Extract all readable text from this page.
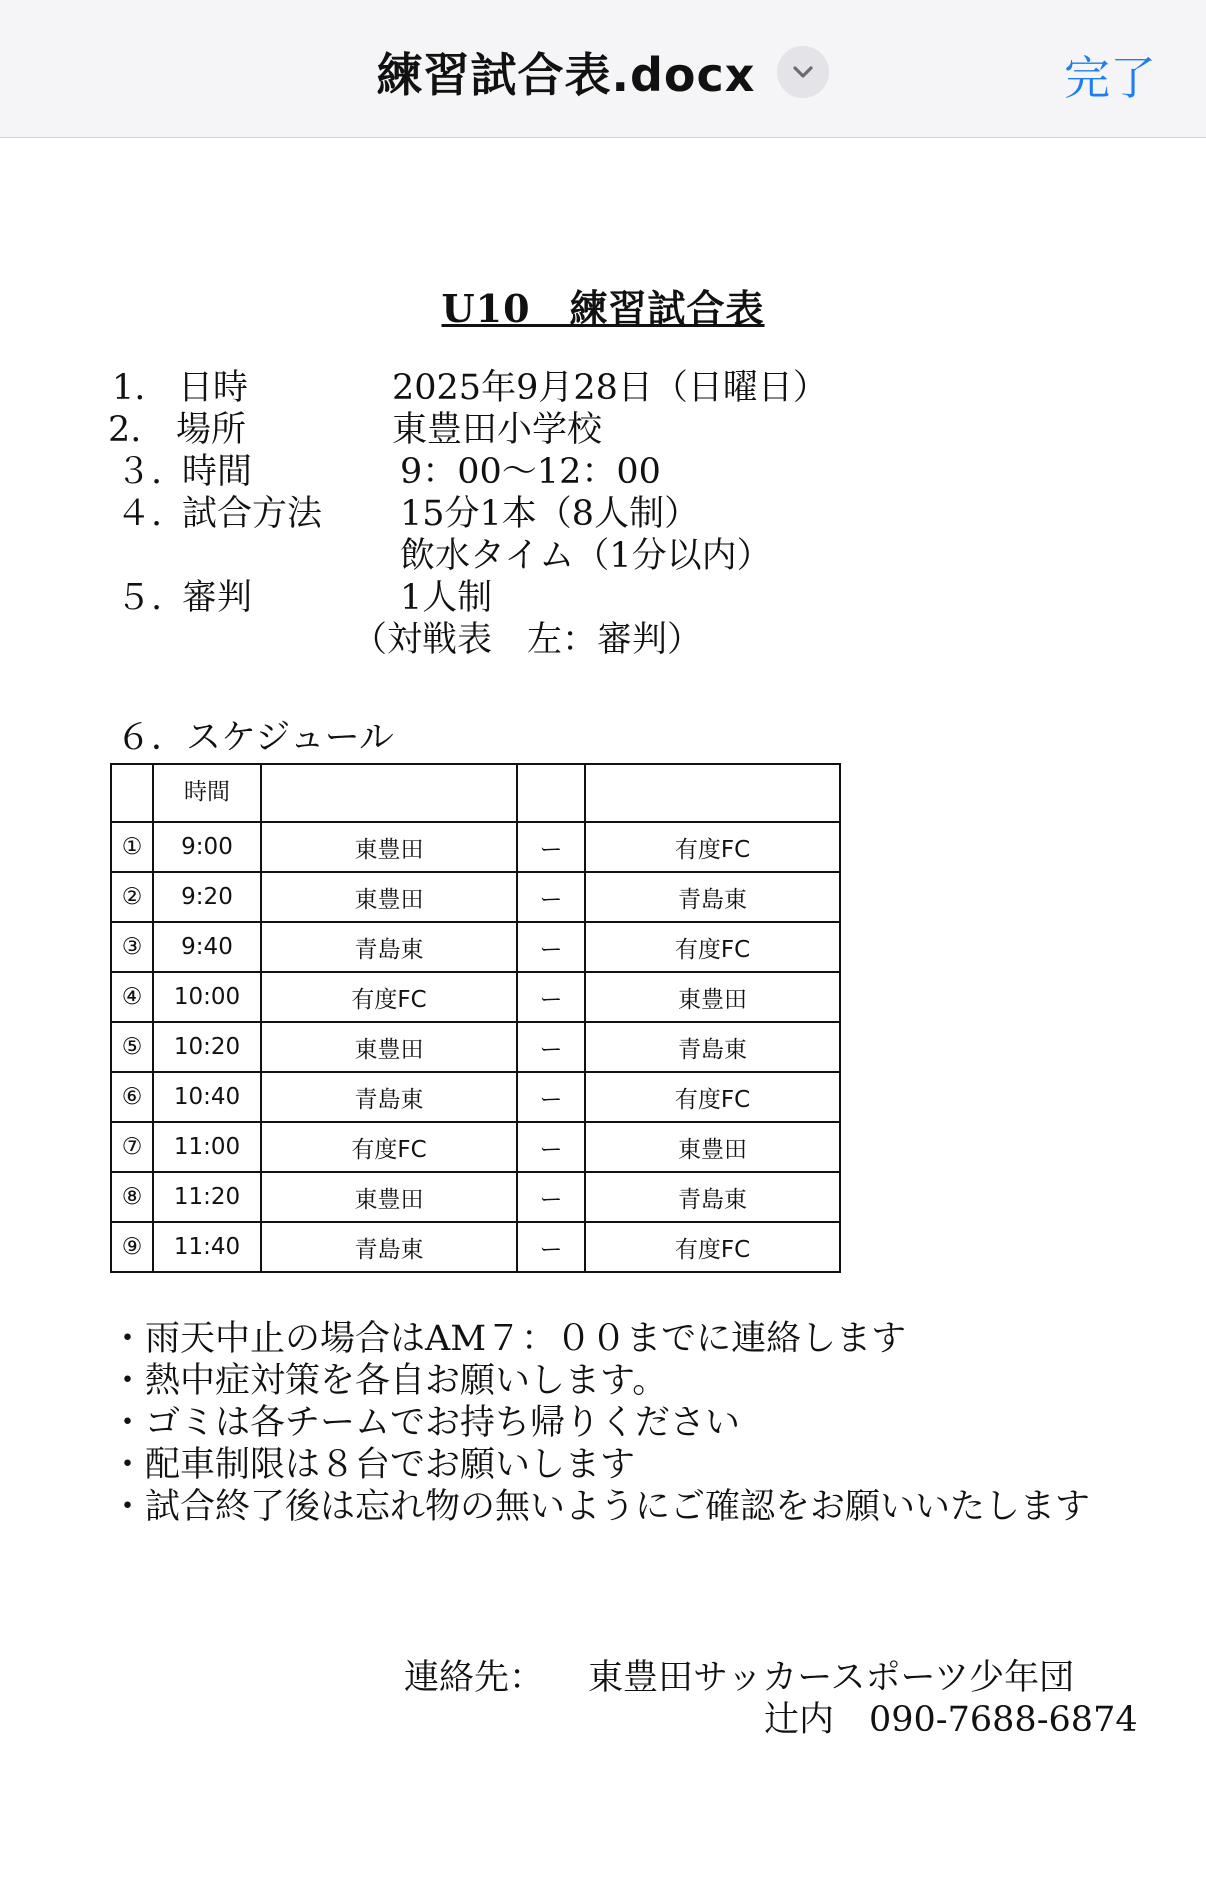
練習試合表.docx	完了
U10　練習試合表
1. 日時	2025年9月28日（日曜日）
2. 場所	東豊田小学校
３. 時間	9：00〜12：00
４. 試合方法 15分1本（8人制）
飲水タイム（1分以内）
５. 審判	1人制
（対戦表　左：審判）
６．スケジュール
	時間			
①	9:00	東豊田	ー	有度FC
②	9:20	東豊田	ー	青島東
③	9:40	青島東	ー	有度FC
④	10:00	有度FC	ー	東豊田
⑤	10:20	東豊田	ー	青島東
⑥	10:40	青島東	ー	有度FC
⑦	11:00	有度FC	ー	東豊田
⑧	11:20	東豊田	ー	青島東
⑨	11:40	青島東	ー	有度FC
・雨天中止の場合はAM７：００までに連絡します
・熱中症対策を各自お願いします。
・ゴミは各チームでお持ち帰りください
・配車制限は８台でお願いします
・試合終了後は忘れ物の無いようにご確認をお願いいたします
連絡先： 東豊田サッカースポーツ少年団
辻内　090-7688-6874
